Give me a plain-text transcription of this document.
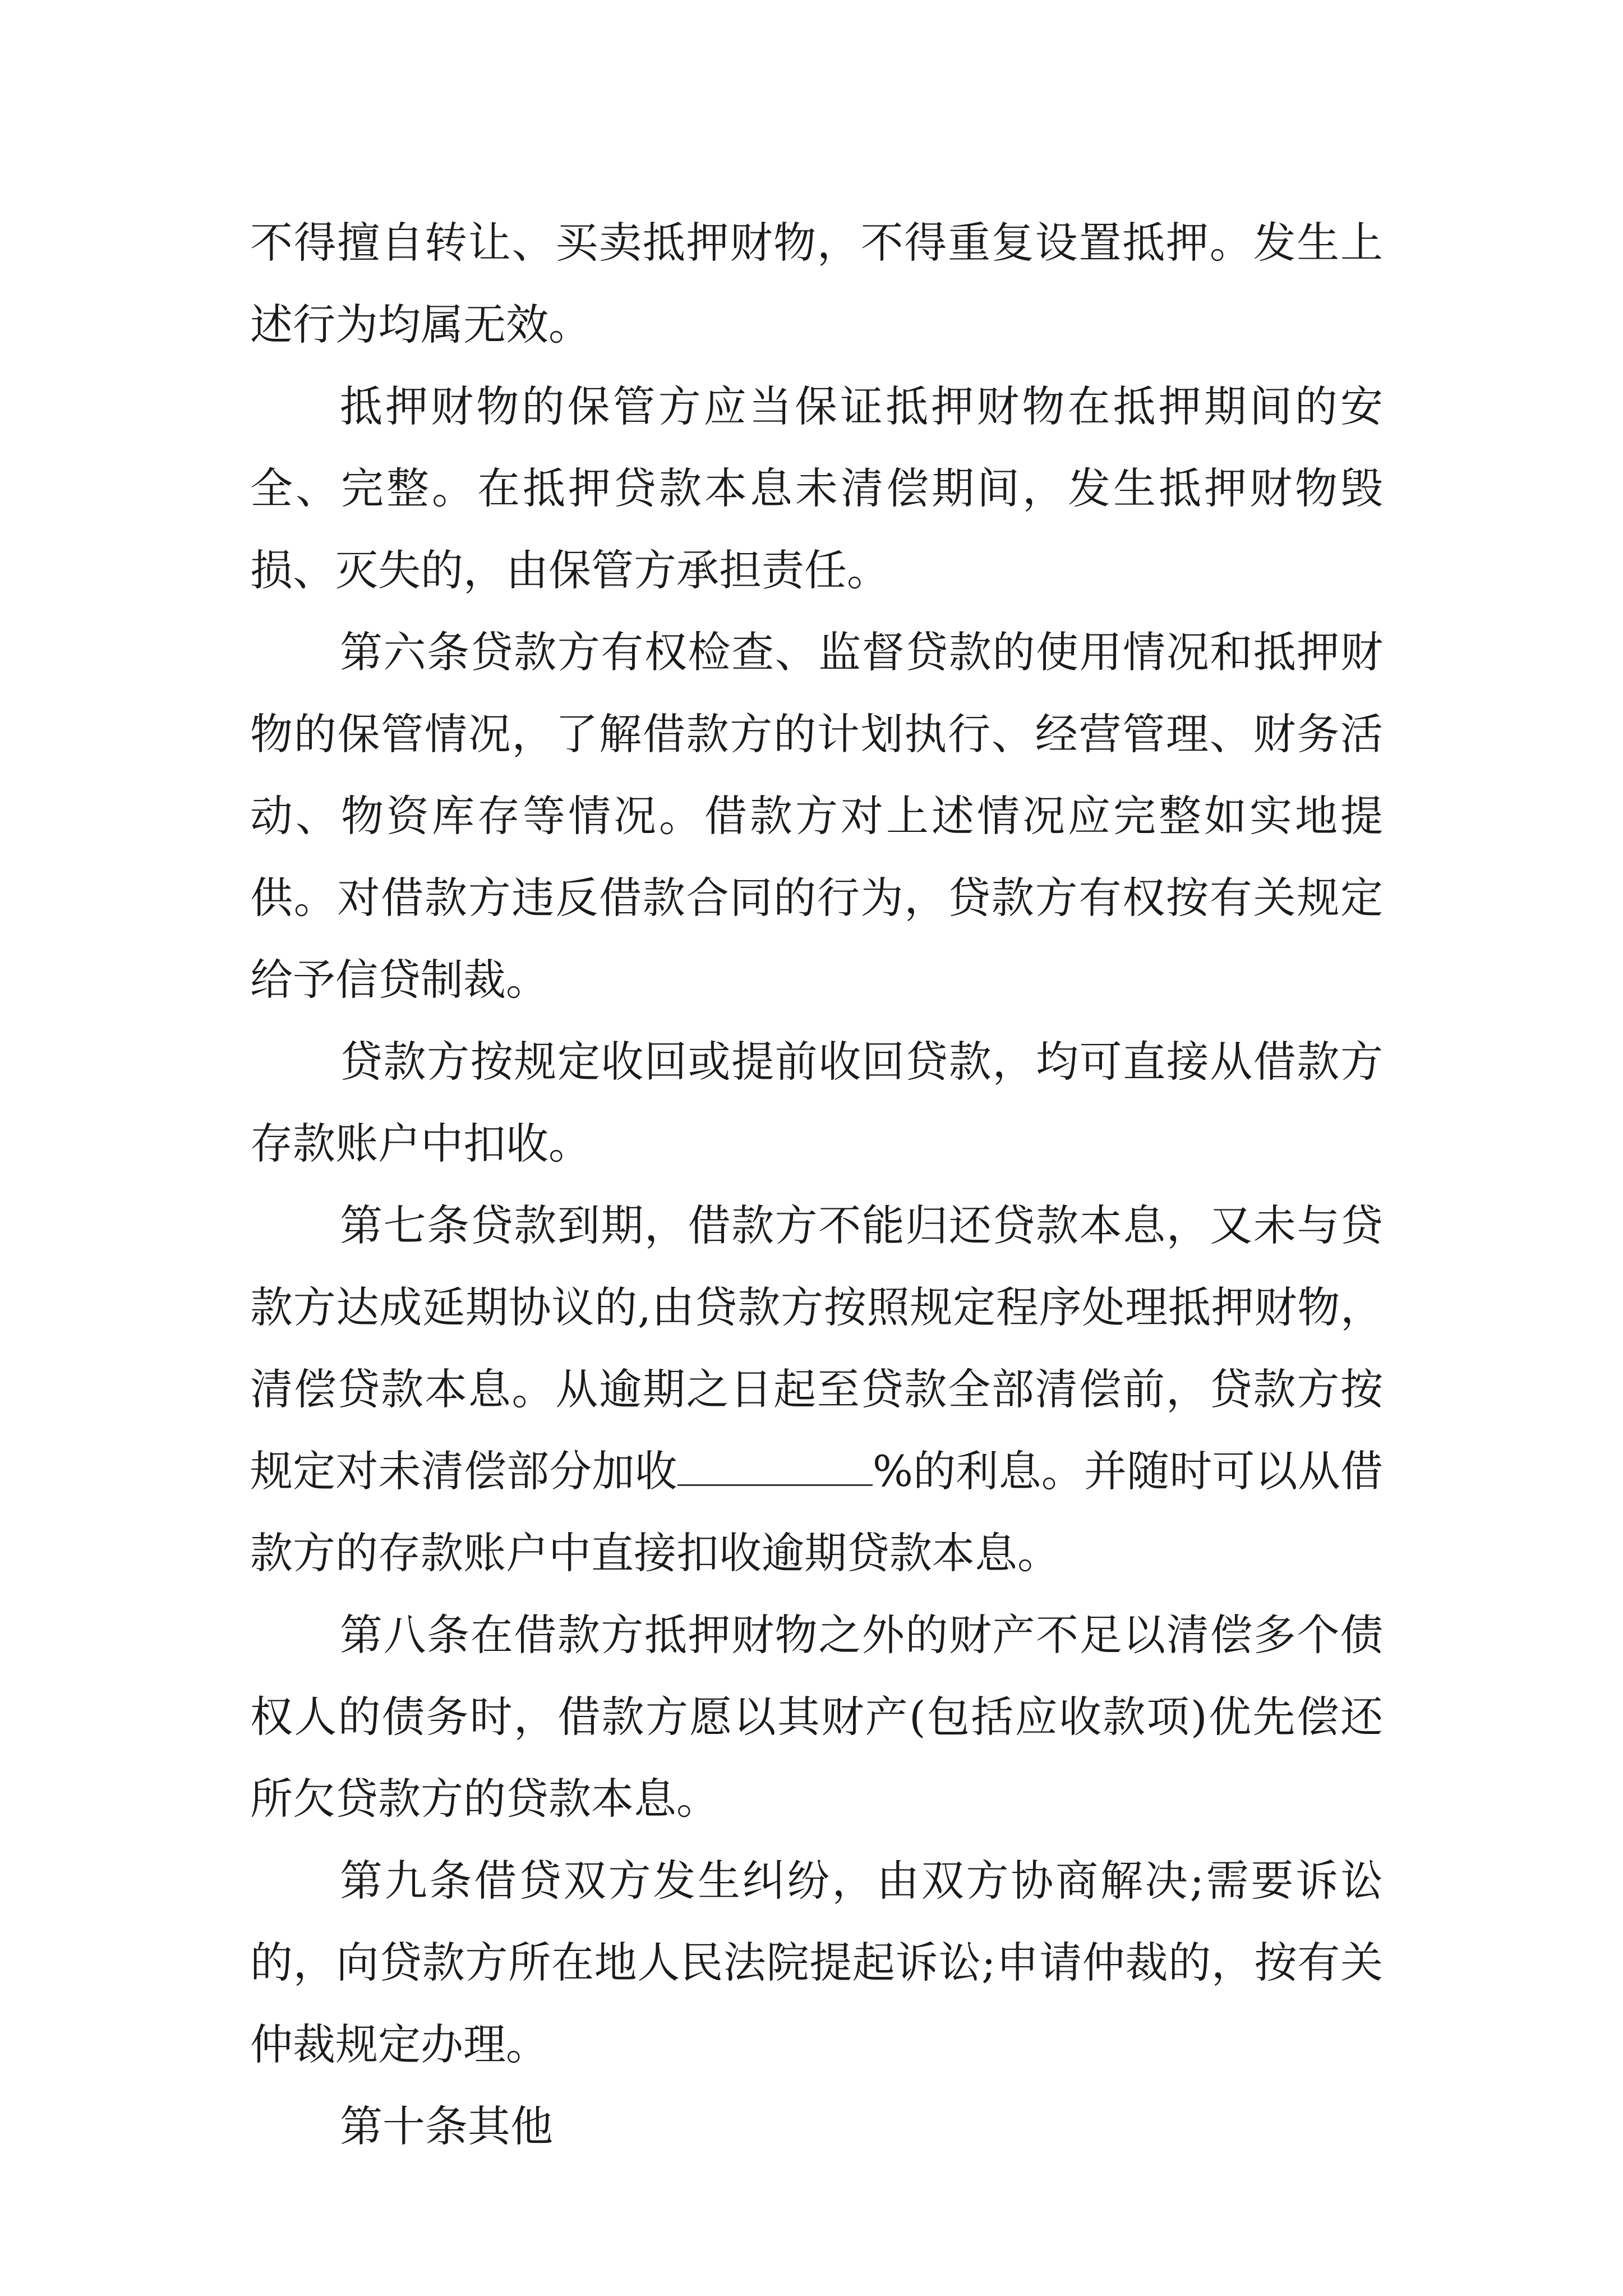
不得擅自转让、买卖抵押财物，不得重复设置抵押。发生上述行为均属无效。

抵押财物的保管方应当保证抵押财物在抵押期间的安全、完整。在抵押贷款本息未清偿期间，发生抵押财物毁损、灭失的，由保管方承担责任。

第六条贷款方有权检查、监督贷款的使用情况和抵押财物的保管情况，了解借款方的计划执行、经营管理、财务活动、物资库存等情况。借款方对上述情况应完整如实地提供。对借款方违反借款合同的行为，贷款方有权按有关规定给予信贷制裁。

贷款方按规定收回或提前收回贷款，均可直接从借款方存款账户中扣收。

第七条贷款到期，借款方不能归还贷款本息，又未与贷款方达成延期协议的,由贷款方按照规定程序处理抵押财物，清偿贷款本息。从逾期之日起至贷款全部清偿前，贷款方按规定对未清偿部分加收	%的利息。并随时可以从借款方的存款账户中直接扣收逾期贷款本息。

第八条在借款方抵押财物之外的财产不足以清偿多个债权人的债务时，借款方愿以其财产(包括应收款项)优先偿还所欠贷款方的贷款本息。

第九条借贷双方发生纠纷，由双方协商解决;需要诉讼的，向贷款方所在地人民法院提起诉讼;申请仲裁的，按有关仲裁规定办理。

第十条其他
